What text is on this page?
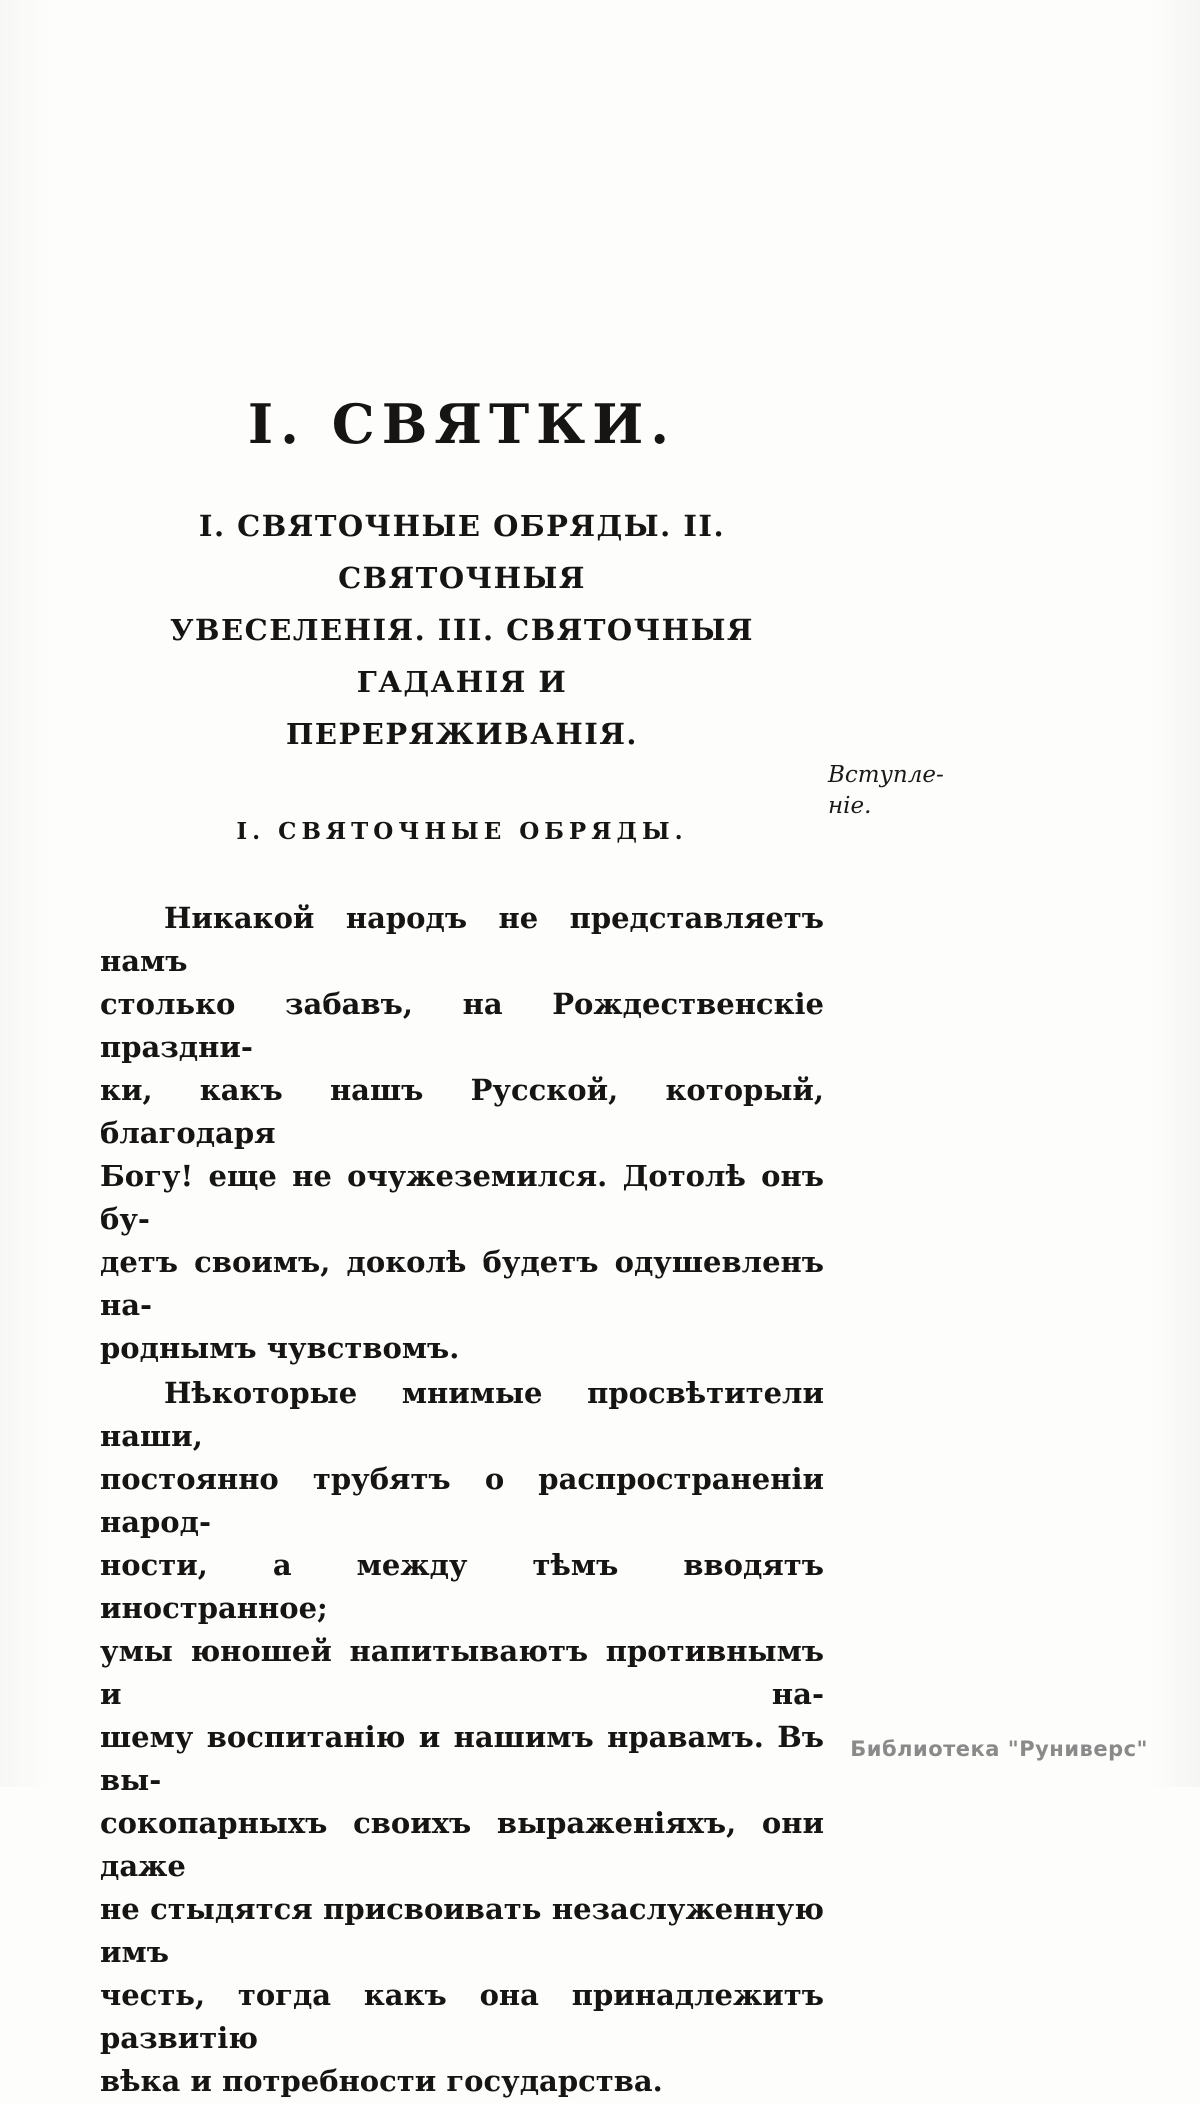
I. СВЯТКИ.
I. СВЯТОЧНЫЕ ОБРЯДЫ. II. СВЯТОЧНЫЯ
УВЕСЕЛЕНІЯ. III. СВЯТОЧНЫЯ ГАДАНІЯ И
ПЕРЕРЯЖИВАНІЯ.
I. СВЯТОЧНЫЕ ОБРЯДЫ.
Никакой народъ не представляетъ намъ
столько забавъ, на Рождественскіе праздни-
ки, какъ нашъ Русской, который, благодаря
Богу! еще не очужеземился. Дотолѣ онъ бу-
детъ своимъ, доколѣ будетъ одушевленъ на-
роднымъ чувствомъ.
Нѣкоторые мнимые просвѣтители наши,
постоянно трубятъ о распространеніи народ-
ности, а между тѣмъ вводятъ иностранное;
умы юношей напитываютъ противнымъ и на-
шему воспитанію и нашимъ нравамъ. Въ вы-
сокопарныхъ своихъ выраженіяхъ, они даже
не стыдятся присвоивать незаслуженную имъ
честь, тогда какъ она принадлежитъ развитію
вѣка и потребности государства.
Вступле-
ніе.
Библиотека "Руниверс"
